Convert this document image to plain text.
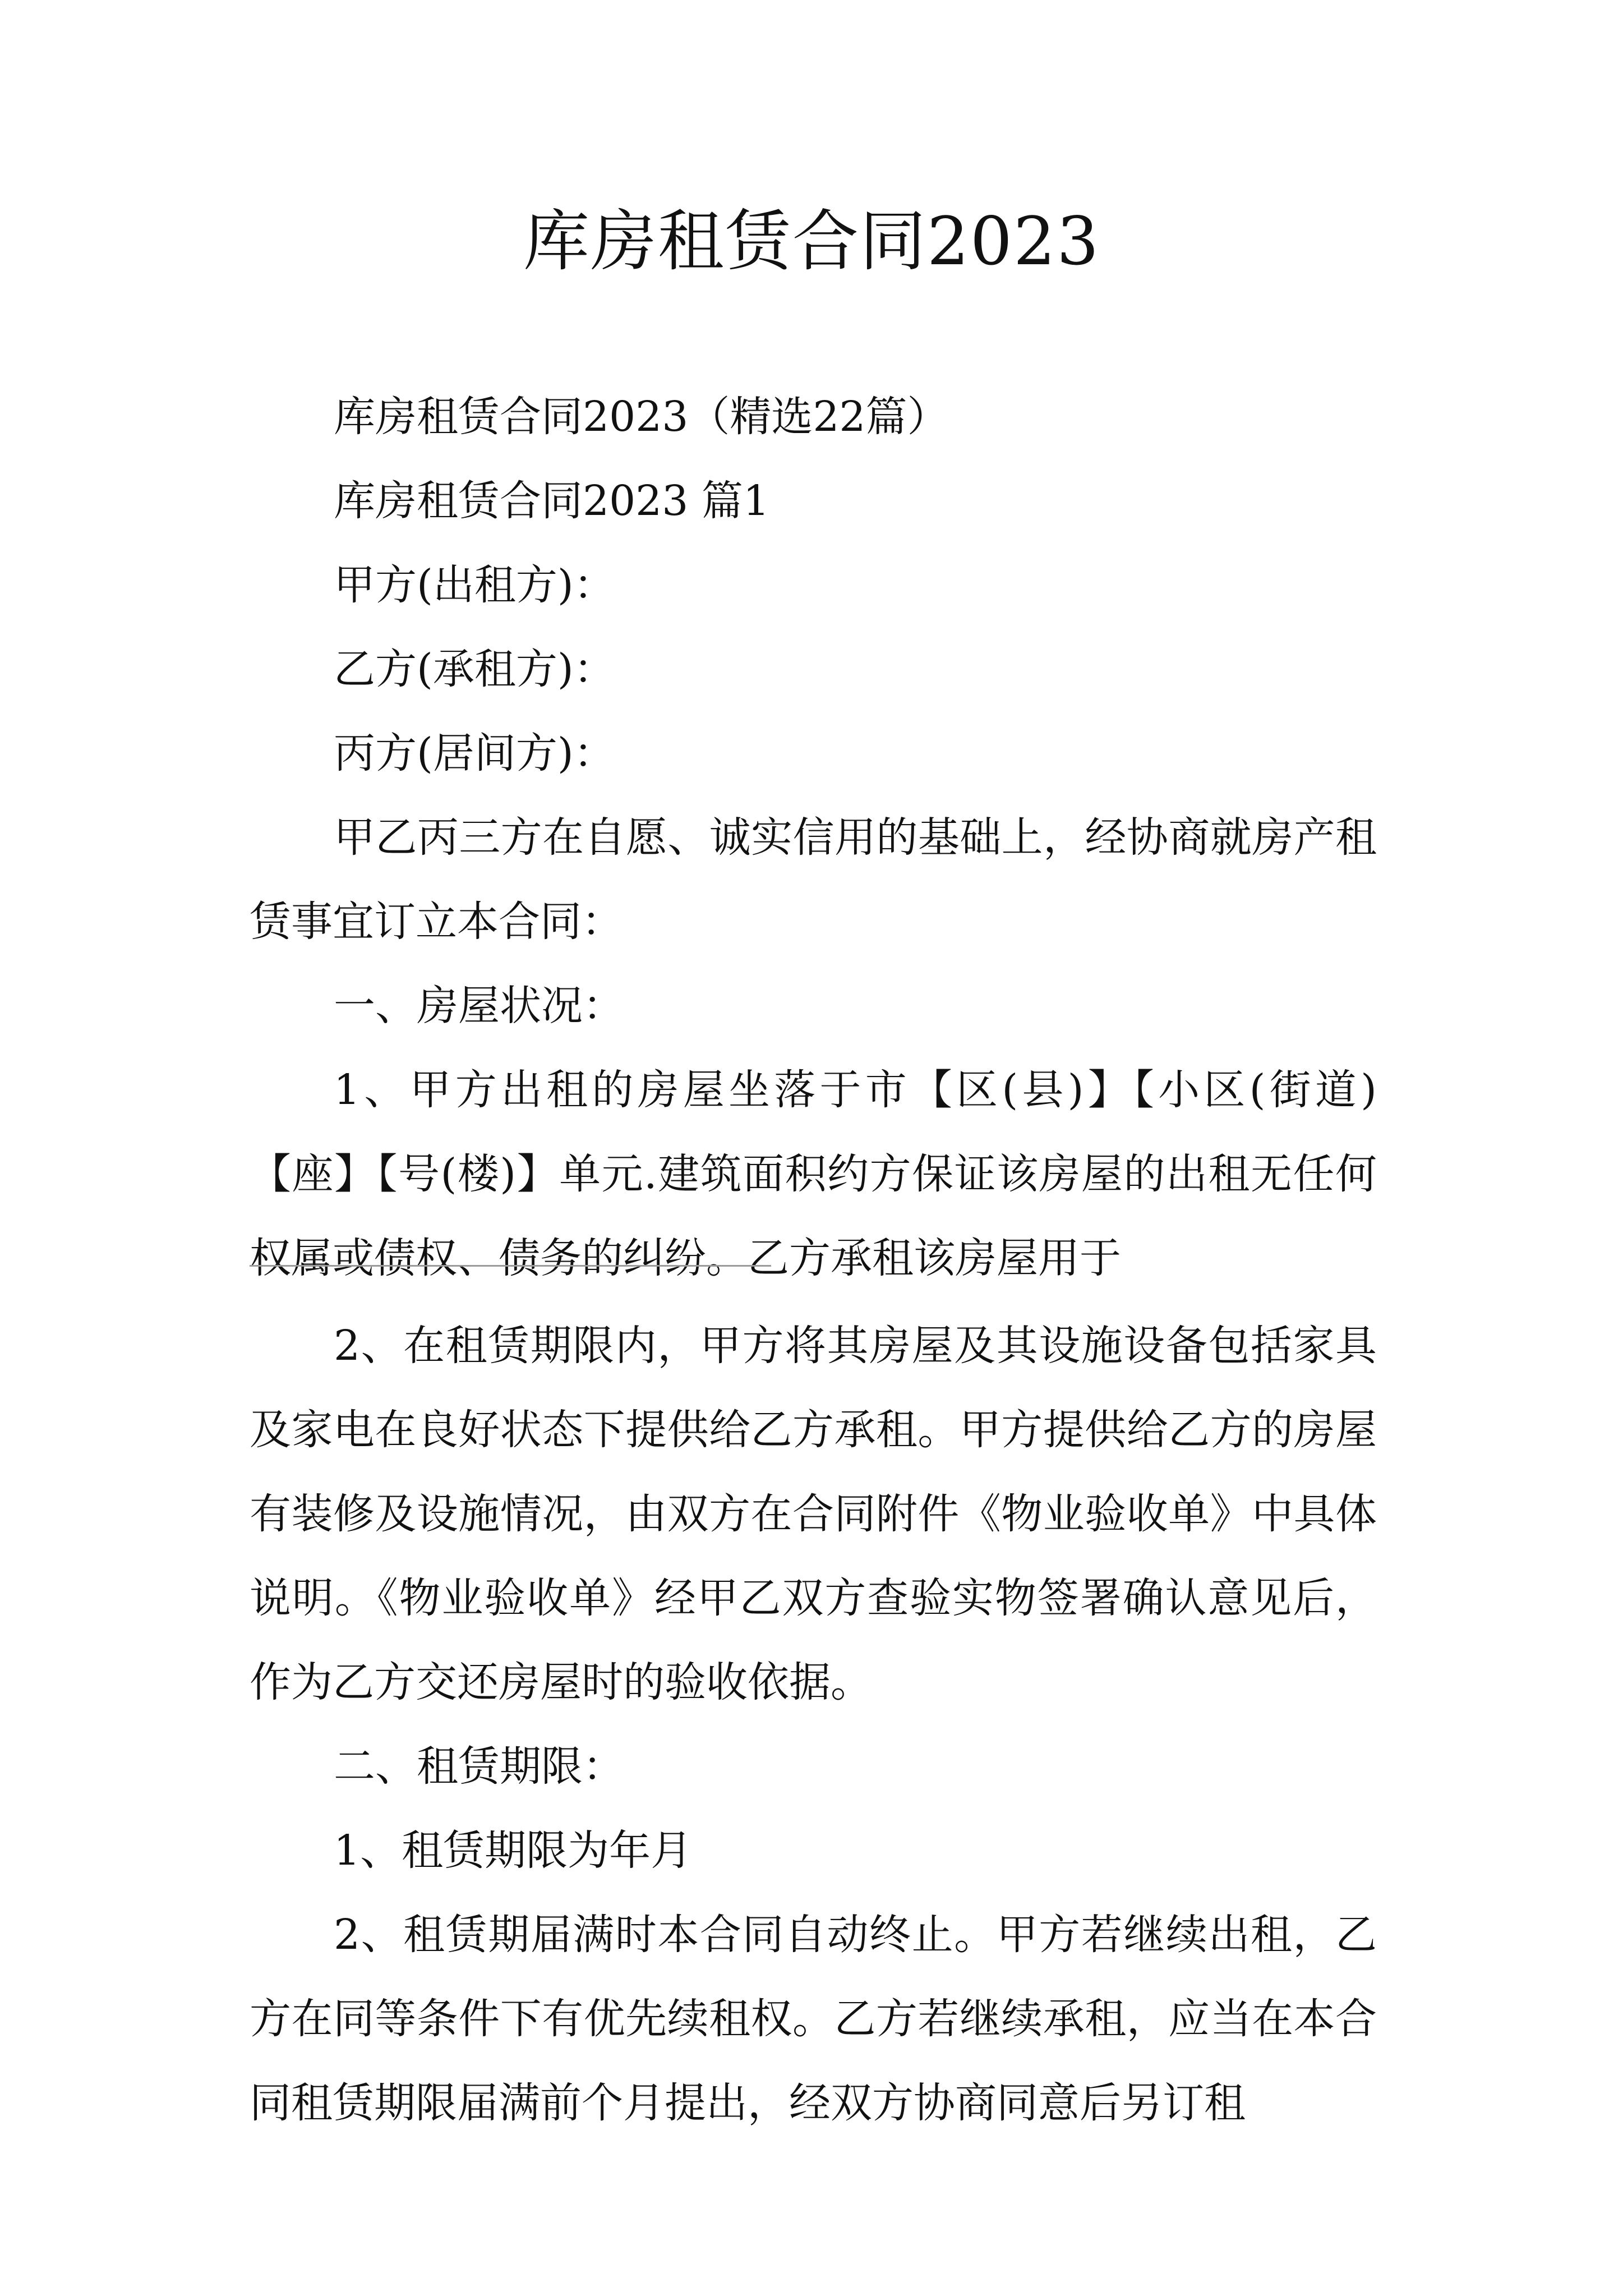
库房租赁合同2023

库房租赁合同2023（精选22篇）

库房租赁合同2023 篇1

甲方(出租方)：

乙方(承租方)：

丙方(居间方)：

甲乙丙三方在自愿、诚实信用的基础上，经协商就房产租赁事宜订立本合同：

一、房屋状况：

1、甲方出租的房屋坐落于市【区(县)】【小区(街道)【座】【号(楼)】单元.建筑面积约方保证该房屋的出租无任何权属或债权、债务的纠纷。乙方承租该房屋用于

2、在租赁期限内，甲方将其房屋及其设施设备包括家具及家电在良好状态下提供给乙方承租。甲方提供给乙方的房屋有装修及设施情况，由双方在合同附件《物业验收单》中具体说明。《物业验收单》经甲乙双方查验实物签署确认意见后，作为乙方交还房屋时的验收依据。

二、租赁期限：

1、租赁期限为年月

2、租赁期届满时本合同自动终止。甲方若继续出租，乙方在同等条件下有优先续租权。乙方若继续承租，应当在本合同租赁期限届满前个月提出，经双方协商同意后另订租
